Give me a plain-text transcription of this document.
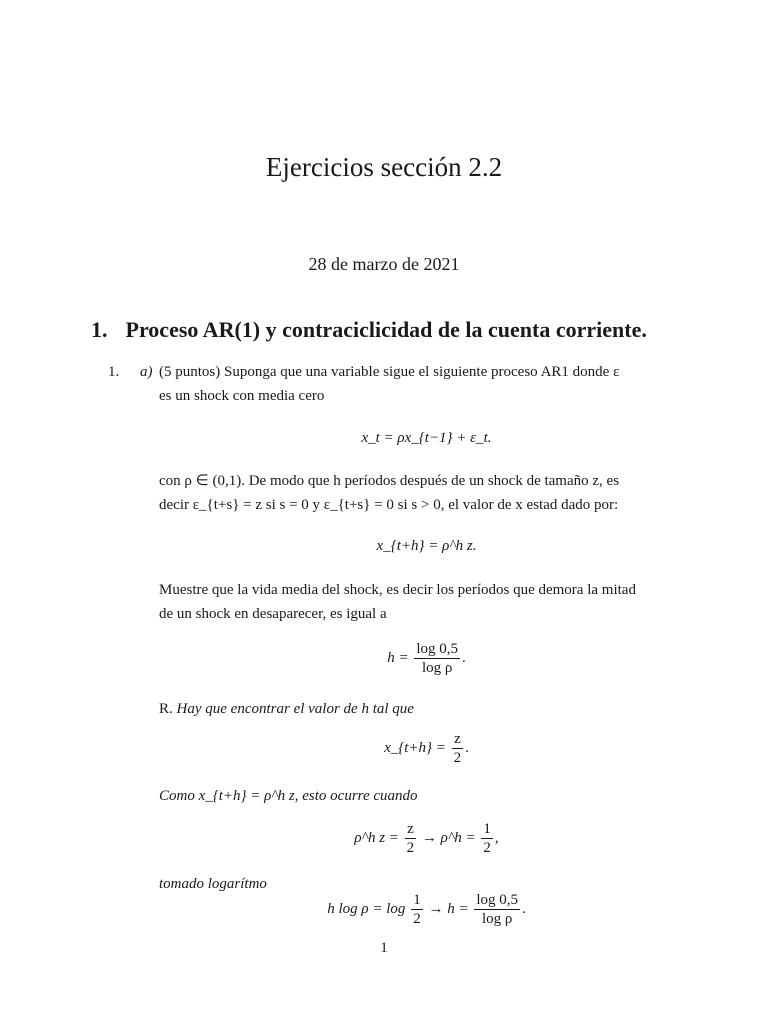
Ejercicios sección 2.2
28 de marzo de 2021
1. Proceso AR(1) y contraciclicidad de la cuenta corriente.
1. a) (5 puntos) Suponga que una variable sigue el siguiente proceso AR1 donde ε
es un shock con media cero
x_t = ρx_{t−1} + ε_t.
con ρ ∈ (0,1). De modo que h períodos después de un shock de tamaño z, es
decir ε_{t+s} = z si s = 0 y ε_{t+s} = 0 si s > 0, el valor de x estad dado por:
x_{t+h} = ρ^h z.
Muestre que la vida media del shock, es decir los períodos que demora la mitad
de un shock en desaparecer, es igual a
$h = \frac{\log 0,5}{\text{log ρ}}$ .
R. Hay que encontrar el valor de h tal que
x_{t+h} = $\frac{z}{2}$ .
Como x_{t+h} = ρ^h z, esto ocurre cuando
ρ^h $z = \frac{z}{2}$ → ρ^h = $\frac{1}{2}$ ,
tomado logarítmo
h $\log \rho = \log \frac{1}{2} \to h = \frac{\log 0,5}{\text{log ρ}}$ .
1
